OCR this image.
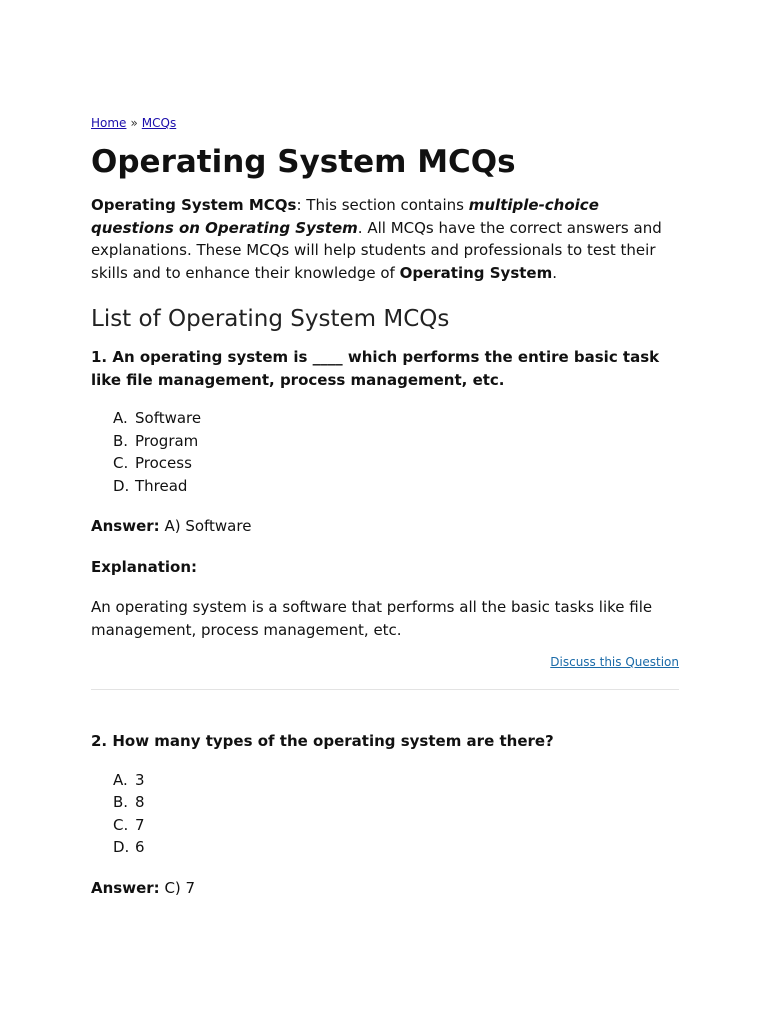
Home » MCQs

Operating System MCQs

Operating System MCQs: This section contains multiple-choice questions on Operating System. All MCQs have the correct answers and explanations. These MCQs will help students and professionals to test their skills and to enhance their knowledge of Operating System.

List of Operating System MCQs

1. An operating system is ____ which performs the entire basic task like file management, process management, etc.

A. Software
B. Program
C. Process
D. Thread

Answer: A) Software

Explanation:

An operating system is a software that performs all the basic tasks like file management, process management, etc.

Discuss this Question

2. How many types of the operating system are there?

A. 3
B. 8
C. 7
D. 6

Answer: C) 7
